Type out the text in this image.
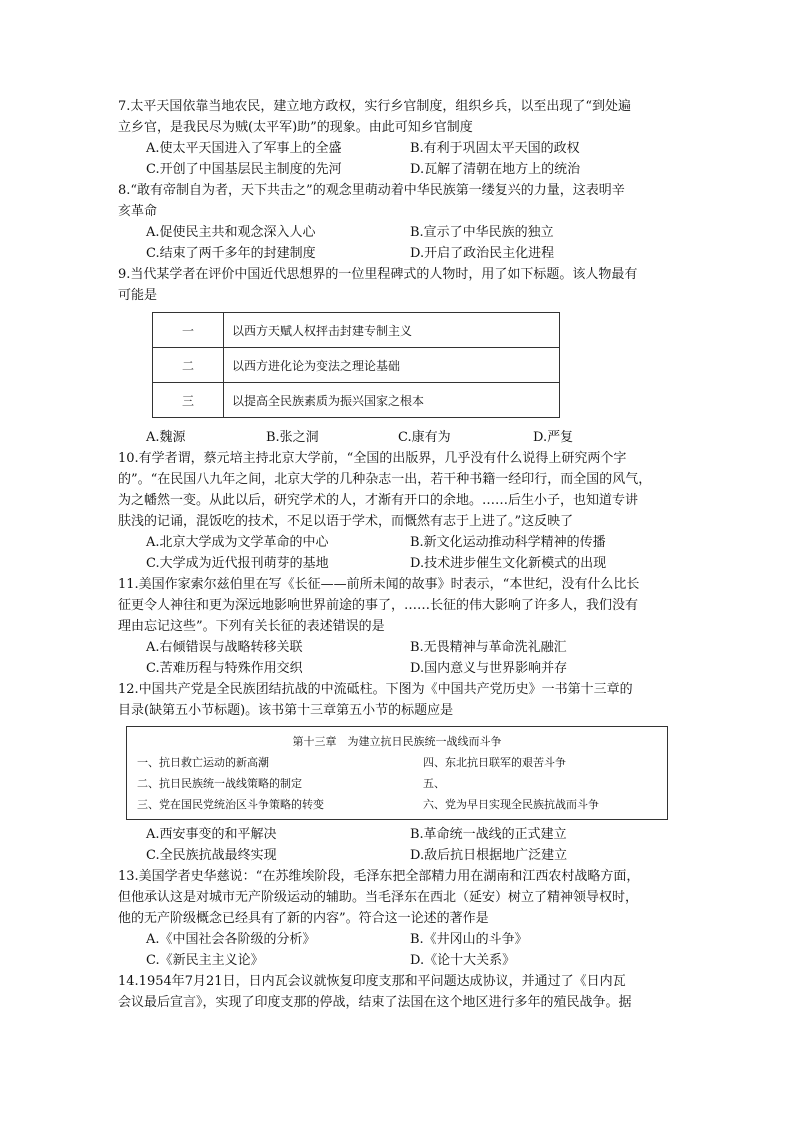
7.太平天国依靠当地农民，建立地方政权，实行乡官制度，组织乡兵，以至出现了“到处遍
立乡官，是我民尽为贼(太平军)助”的现象。由此可知乡官制度
A.使太平天国进入了军事上的全盛	B.有利于巩固太平天国的政权
C.开创了中国基层民主制度的先河	D.瓦解了清朝在地方上的统治
8.“敢有帝制自为者，天下共击之”的观念里萌动着中华民族第一缕复兴的力量，这表明辛
亥革命
A.促使民主共和观念深入人心	B.宣示了中华民族的独立
C.结束了两千多年的封建制度	D.开启了政治民主化进程
9.当代某学者在评价中国近代思想界的一位里程碑式的人物时，用了如下标题。该人物最有
可能是
一	以西方天赋人权抨击封建专制主义
二	以西方进化论为变法之理论基础
三	以提高全民族素质为振兴国家之根本
A.魏源	B.张之洞	C.康有为	D.严复
10.有学者谓，蔡元培主持北京大学前，“全国的出版界，几乎没有什么说得上研究两个字
的”。“在民国八九年之间，北京大学的几种杂志一出，若干种书籍一经印行，而全国的风气，
为之幡然一变。从此以后，研究学术的人，才渐有开口的余地。……后生小子，也知道专讲
肤浅的记诵，混饭吃的技术，不足以语于学术，而慨然有志于上进了。”这反映了
A.北京大学成为文学革命的中心	B.新文化运动推动科学精神的传播
C.大学成为近代报刊萌芽的基地	D.技术进步催生文化新模式的出现
11.美国作家索尔兹伯里在写《长征——前所未闻的故事》时表示，“本世纪，没有什么比长
征更令人神往和更为深远地影响世界前途的事了，……长征的伟大影响了许多人，我们没有
理由忘记这些”。下列有关长征的表述错误的是
A.右倾错误与战略转移关联	B.无畏精神与革命洗礼融汇
C.苦难历程与特殊作用交织	D.国内意义与世界影响并存
12.中国共产党是全民族团结抗战的中流砥柱。下图为《中国共产党历史》一书第十三章的
目录(缺第五小节标题)。该书第十三章第五小节的标题应是
第十三章　为建立抗日民族统一战线而斗争
一、抗日救亡运动的新高潮	四、东北抗日联军的艰苦斗争
二、抗日民族统一战线策略的制定	五、
三、党在国民党统治区斗争策略的转变	六、党为早日实现全民族抗战而斗争
A.西安事变的和平解决	B.革命统一战线的正式建立
C.全民族抗战最终实现	D.敌后抗日根据地广泛建立
13.美国学者史华慈说：“在苏维埃阶段，毛泽东把全部精力用在湖南和江西农村战略方面，
但他承认这是对城市无产阶级运动的辅助。当毛泽东在西北（延安）树立了精神领导权时，
他的无产阶级概念已经具有了新的内容”。符合这一论述的著作是
A.《中国社会各阶级的分析》	B.《井冈山的斗争》
C.《新民主主义论》	D.《论十大关系》
14.1954年7月21日，日内瓦会议就恢复印度支那和平问题达成协议，并通过了《日内瓦
会议最后宣言》，实现了印度支那的停战，结束了法国在这个地区进行多年的殖民战争。据
